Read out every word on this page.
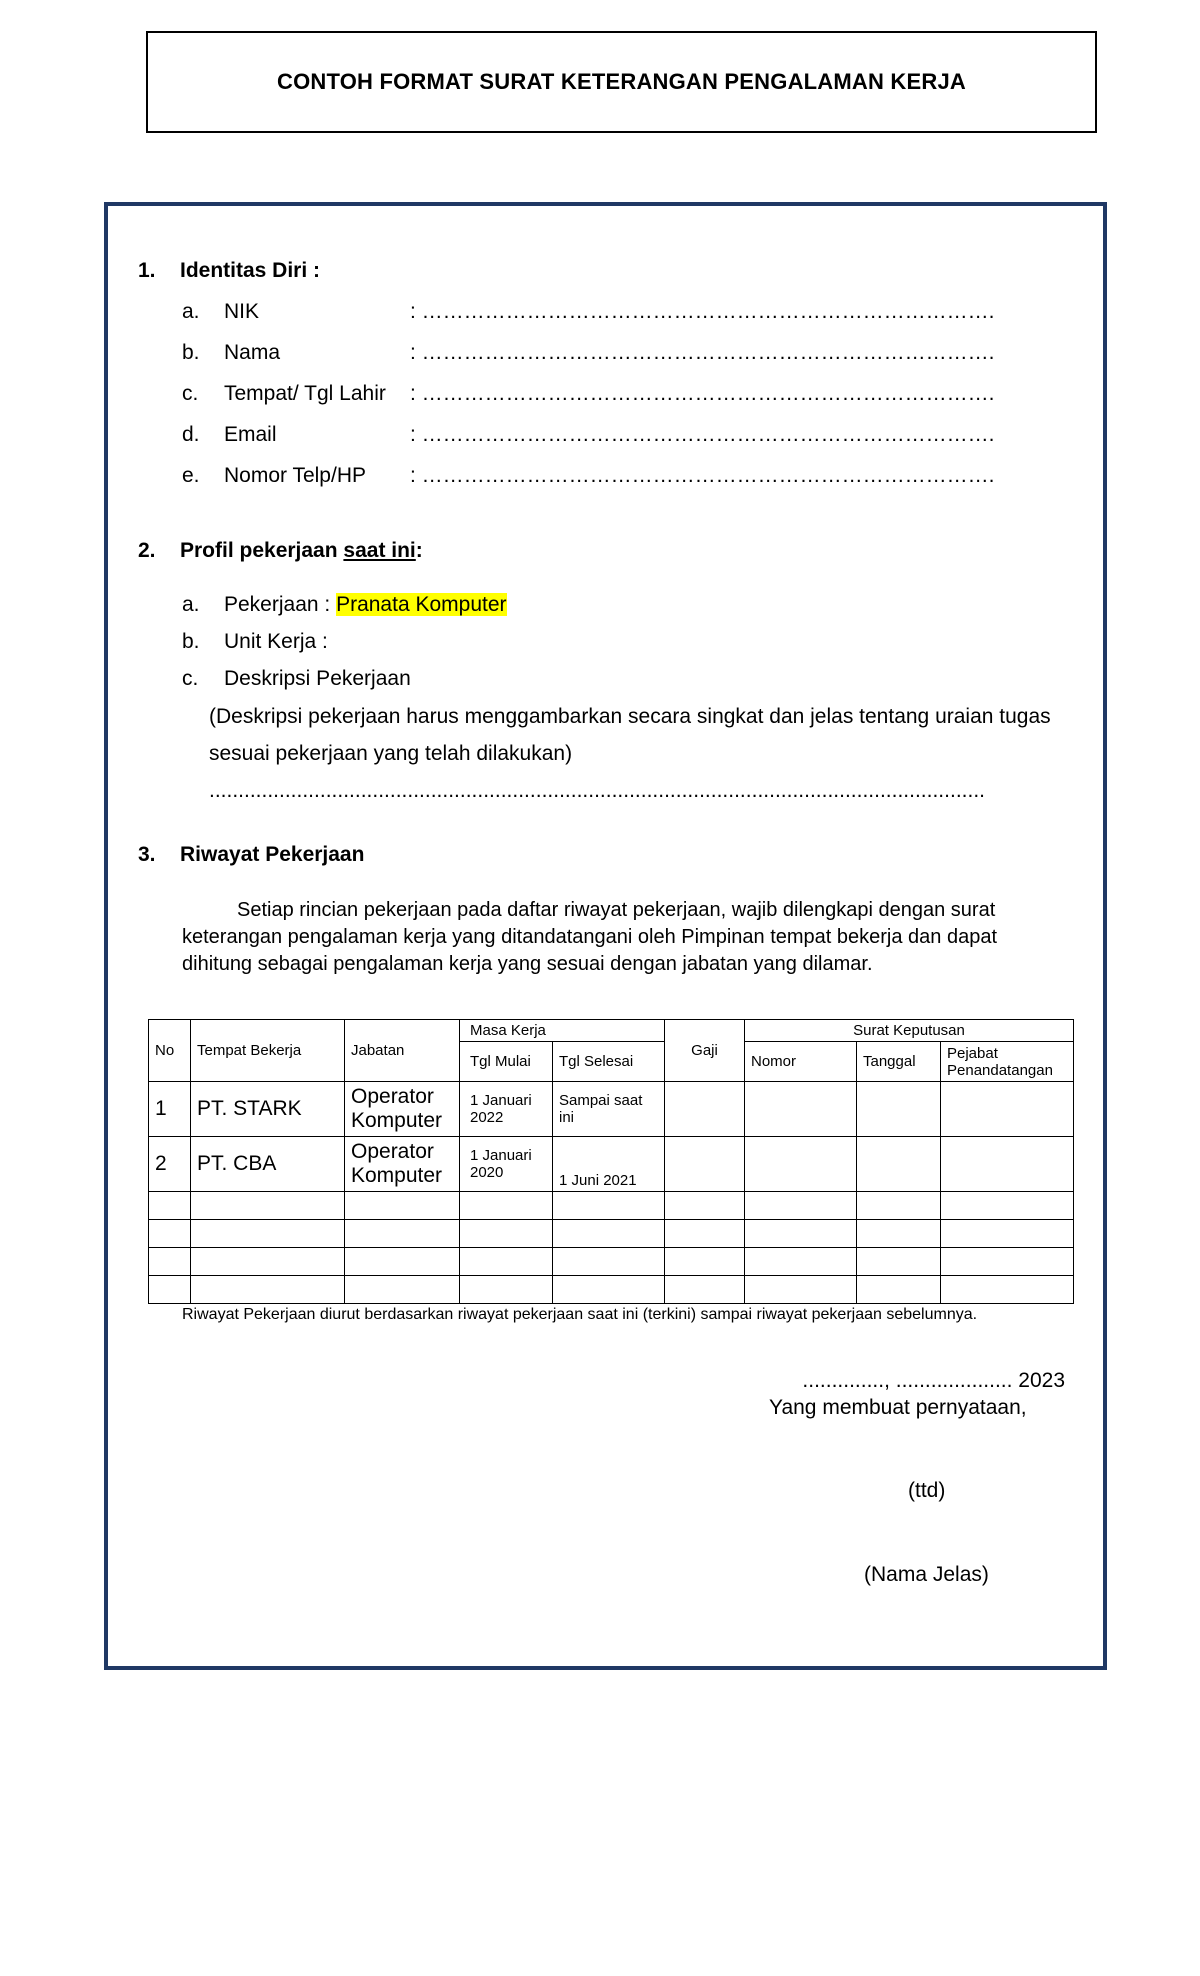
CONTOH FORMAT SURAT KETERANGAN PENGALAMAN KERJA
1. Identitas Diri :
a. NIK	: ……………………………………………………………………….
b. Nama	: ……………………………………………………………………….
c. Tempat/ Tgl Lahir : ……………………………………………………………………….
d. Email	: ……………………………………………………………………….
e. Nomor Telp/HP : ……………………………………………………………………….
2. Profil pekerjaan saat ini:
a. Pekerjaan : Pranata Komputer
b. Unit Kerja :
c. Deskripsi Pekerjaan
(Deskripsi pekerjaan harus menggambarkan secara singkat dan jelas tentang uraian tugas
sesuai pekerjaan yang telah dilakukan)
.....................................................................................................................................
3. Riwayat Pekerjaan
Setiap rincian pekerjaan pada daftar riwayat pekerjaan, wajib dilengkapi dengan surat
keterangan pengalaman kerja yang ditandatangani oleh Pimpinan tempat bekerja dan dapat
dihitung sebagai pengalaman kerja yang sesuai dengan jabatan yang dilamar.
No	Tempat Bekerja	Jabatan	Masa Kerja		Gaji	Surat Keputusan		
			Tgl Mulai	Tgl Selesai		Nomor	Tanggal	Pejabat Penandatangan
1	PT. STARK	Operator Komputer	1 Januari 2022	Sampai saat ini				
2	PT. CBA	Operator Komputer	1 Januari 2020	1 Juni 2021				

Riwayat Pekerjaan diurut berdasarkan riwayat pekerjaan saat ini (terkini) sampai riwayat pekerjaan sebelumnya.
.............., .................... 2023
Yang membuat pernyataan,
(ttd)
(Nama Jelas)
